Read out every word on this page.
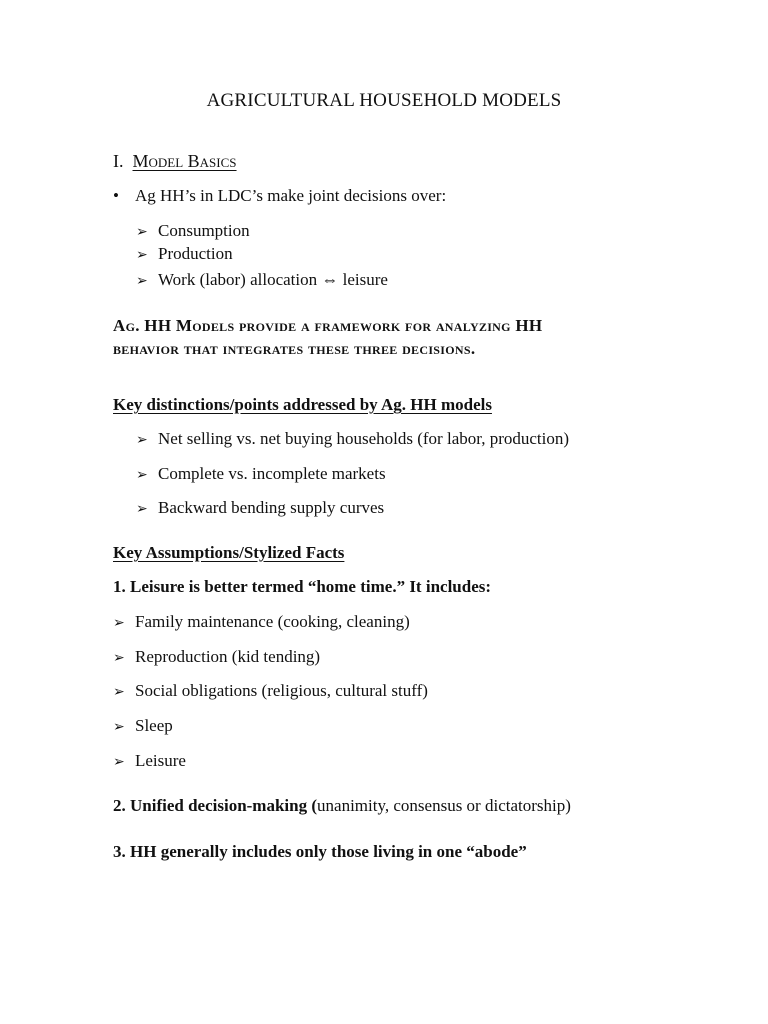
AGRICULTURAL HOUSEHOLD MODELS
I. Model Basics
• Ag HH’s in LDC’s make joint decisions over:
➢ Consumption
➢ Production
➢ Work (labor) allocation ⇔ leisure
Ag. HH Models provide a framework for analyzing HH
behavior that integrates these three decisions.
Key distinctions/points addressed by Ag. HH models
➢ Net selling vs. net buying households (for labor, production)
➢ Complete vs. incomplete markets
➢ Backward bending supply curves
Key Assumptions/Stylized Facts
1. Leisure is better termed “home time.” It includes:
➢ Family maintenance (cooking, cleaning)
➢ Reproduction (kid tending)
➢ Social obligations (religious, cultural stuff)
➢ Sleep
➢ Leisure
2. Unified decision-making (unanimity, consensus or dictatorship)
3. HH generally includes only those living in one “abode”
